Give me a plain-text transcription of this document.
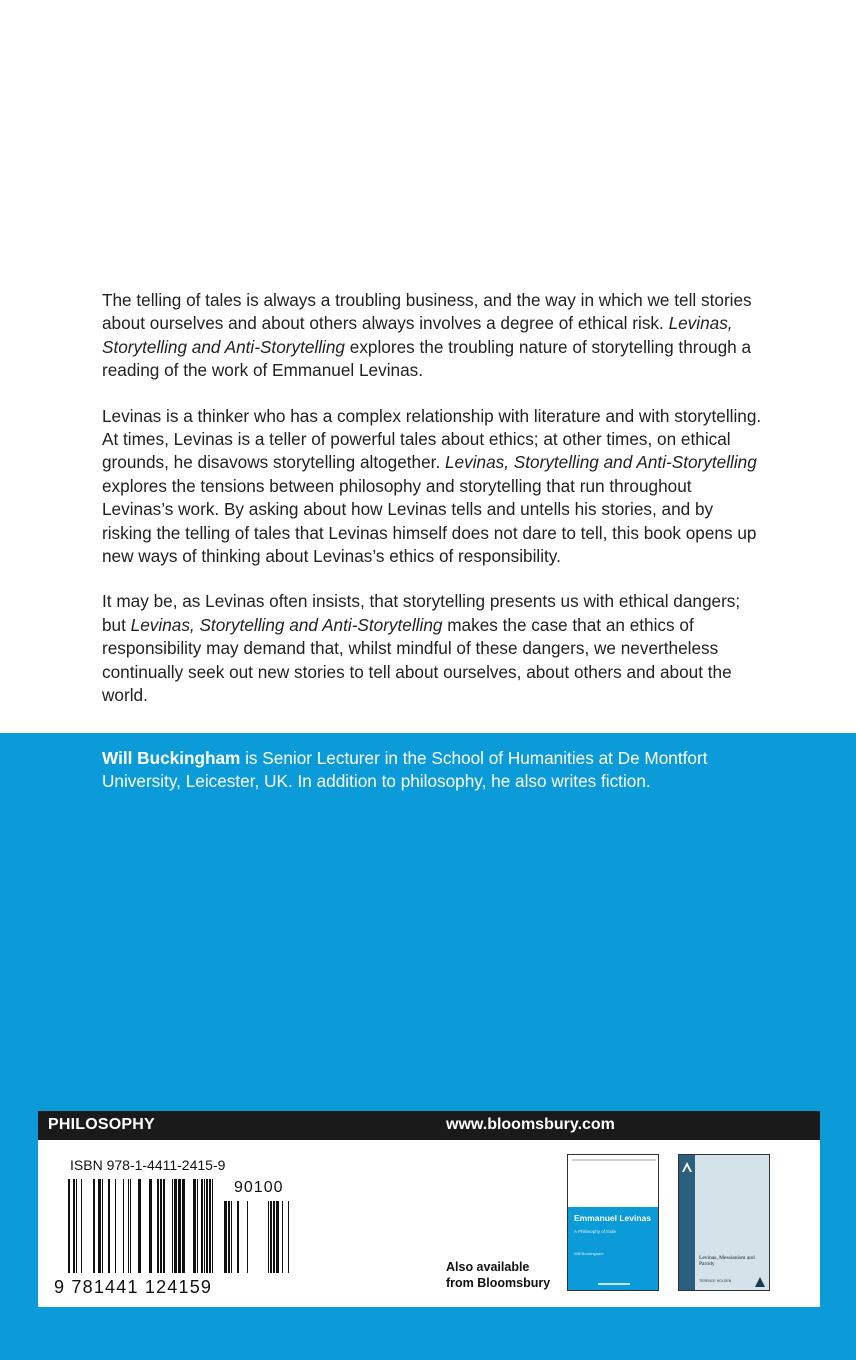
The telling of tales is always a troubling business, and the way in which we tell stories about ourselves and about others always involves a degree of ethical risk. Levinas, Storytelling and Anti-Storytelling explores the troubling nature of storytelling through a reading of the work of Emmanuel Levinas.

Levinas is a thinker who has a complex relationship with literature and with storytelling. At times, Levinas is a teller of powerful tales about ethics; at other times, on ethical grounds, he disavows storytelling altogether. Levinas, Storytelling and Anti-Storytelling explores the tensions between philosophy and storytelling that run throughout Levinas’s work. By asking about how Levinas tells and untells his stories, and by risking the telling of tales that Levinas himself does not dare to tell, this book opens up new ways of thinking about Levinas’s ethics of responsibility.

It may be, as Levinas often insists, that storytelling presents us with ethical dangers; but Levinas, Storytelling and Anti-Storytelling makes the case that an ethics of responsibility may demand that, whilst mindful of these dangers, we nevertheless continually seek out new stories to tell about ourselves, about others and about the world.

Will Buckingham is Senior Lecturer in the School of Humanities at De Montfort University, Leicester, UK. In addition to philosophy, he also writes fiction.

PHILOSOPHY	www.bloomsbury.com
ISBN 978-1-4411-2415-9
90100
9 781441 124159
Also available
from Bloomsbury
Emmanuel Levinas
A Philosophy of Exile
Will Buckingham
Levinas, Messianism and Parody
TERENCE HOLDEN
